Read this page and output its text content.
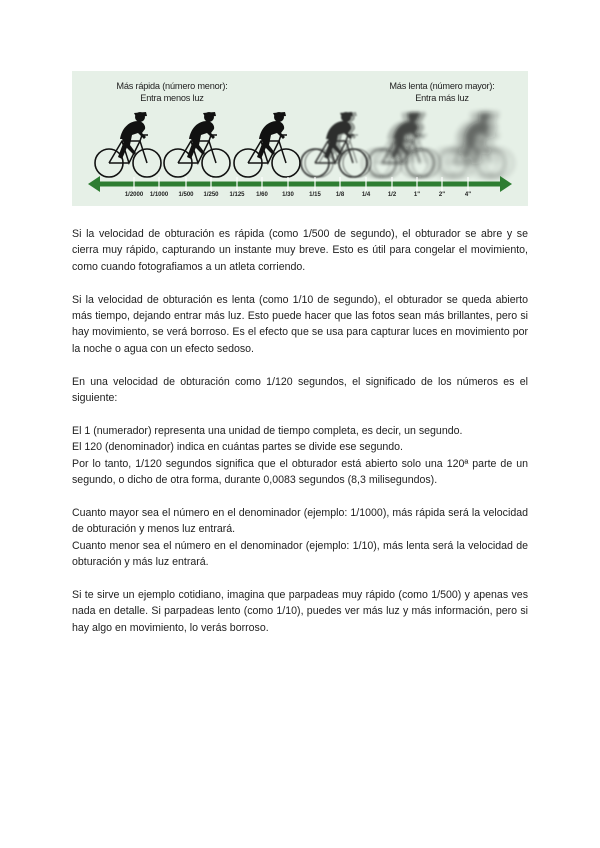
Más rápida (número menor):
Entra menos luz
Más lenta (número mayor):
Entra más luz
1/2000	1/1000	1/500	1/250	1/125	1/60	1/30	1/15	1/8	1/4	1/2	1"	2"	4"

Si la velocidad de obturación es rápida (como 1/500 de segundo), el obturador se abre y se cierra muy rápido, capturando un instante muy breve. Esto es útil para congelar el movimiento, como cuando fotografiamos a un atleta corriendo.

Si la velocidad de obturación es lenta (como 1/10 de segundo), el obturador se queda abierto más tiempo, dejando entrar más luz. Esto puede hacer que las fotos sean más brillantes, pero si hay movimiento, se verá borroso. Es el efecto que se usa para capturar luces en movimiento por la noche o agua con un efecto sedoso.

En una velocidad de obturación como 1/120 segundos, el significado de los números es el siguiente:

El 1 (numerador) representa una unidad de tiempo completa, es decir, un segundo.

El 120 (denominador) indica en cuántas partes se divide ese segundo.

Por lo tanto, 1/120 segundos significa que el obturador está abierto solo una 120ª parte de un segundo, o dicho de otra forma, durante 0,0083 segundos (8,3 milisegundos).

Cuanto mayor sea el número en el denominador (ejemplo: 1/1000), más rápida será la velocidad de obturación y menos luz entrará.

Cuanto menor sea el número en el denominador (ejemplo: 1/10), más lenta será la velocidad de obturación y más luz entrará.

Si te sirve un ejemplo cotidiano, imagina que parpadeas muy rápido (como 1/500) y apenas ves nada en detalle. Si parpadeas lento (como 1/10), puedes ver más luz y más información, pero si hay algo en movimiento, lo verás borroso.
